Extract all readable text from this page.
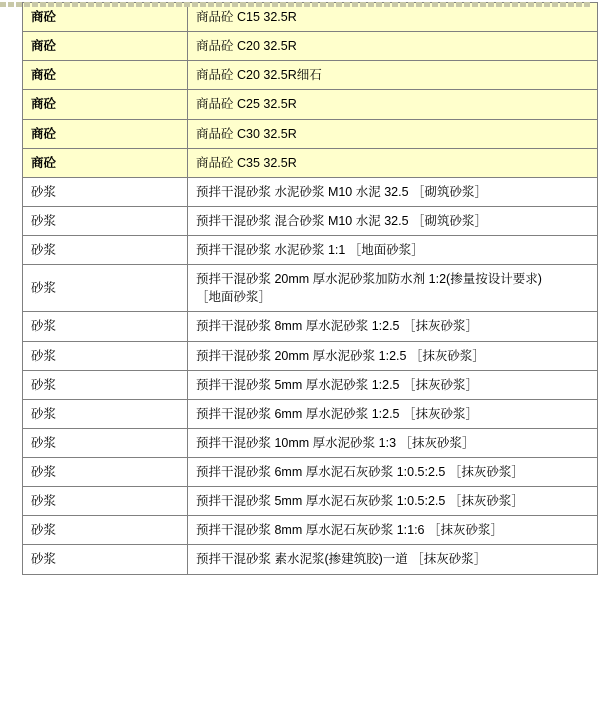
商砼	商品砼 C15 32.5R
商砼	商品砼 C20 32.5R
商砼	商品砼 C20 32.5R细石
商砼	商品砼 C25 32.5R
商砼	商品砼 C30 32.5R
商砼	商品砼 C35 32.5R
砂浆	预拌干混砂浆 水泥砂浆 M10 水泥 32.5 ［砌筑砂浆］
砂浆	预拌干混砂浆 混合砂浆 M10 水泥 32.5 ［砌筑砂浆］
砂浆	预拌干混砂浆 水泥砂浆 1:1 ［地面砂浆］
砂浆	预拌干混砂浆 20mm 厚水泥砂浆加防水剂 1:2(掺量按设计要求)
［地面砂浆］

砂浆	预拌干混砂浆 8mm 厚水泥砂浆 1:2.5 ［抹灰砂浆］
砂浆	预拌干混砂浆 20mm 厚水泥砂浆 1:2.5 ［抹灰砂浆］
砂浆	预拌干混砂浆 5mm 厚水泥砂浆 1:2.5 ［抹灰砂浆］
砂浆	预拌干混砂浆 6mm 厚水泥砂浆 1:2.5 ［抹灰砂浆］
砂浆	预拌干混砂浆 10mm 厚水泥砂浆 1:3 ［抹灰砂浆］
砂浆	预拌干混砂浆 6mm 厚水泥石灰砂浆 1:0.5:2.5 ［抹灰砂浆］
砂浆	预拌干混砂浆 5mm 厚水泥石灰砂浆 1:0.5:2.5 ［抹灰砂浆］
砂浆	预拌干混砂浆 8mm 厚水泥石灰砂浆 1:1:6 ［抹灰砂浆］
砂浆	预拌干混砂浆 素水泥浆(掺建筑胶)一道 ［抹灰砂浆］
